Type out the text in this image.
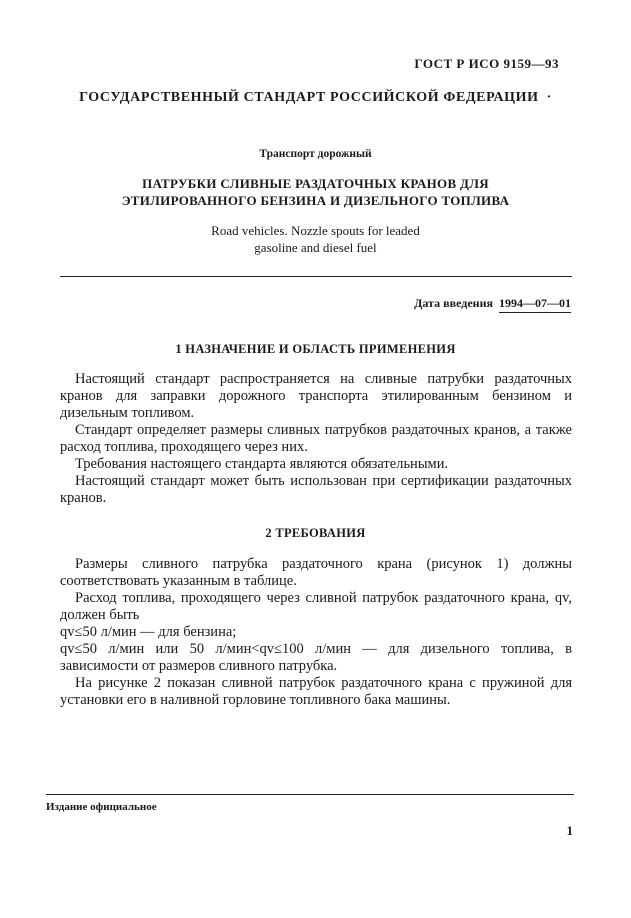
ГОСТ Р ИСО 9159—93
ГОСУДАРСТВЕННЫЙ СТАНДАРТ РОССИЙСКОЙ ФЕДЕРАЦИИ ·
Транспорт дорожный
ПАТРУБКИ СЛИВНЫЕ РАЗДАТОЧНЫХ КРАНОВ ДЛЯ
ЭТИЛИРОВАННОГО БЕНЗИНА И ДИЗЕЛЬНОГО ТОПЛИВА
Road vehicles. Nozzle spouts for leaded
gasoline and diesel fuel
Дата введения 1994—07—01
1 НАЗНАЧЕНИЕ И ОБЛАСТЬ ПРИМЕНЕНИЯ

Настоящий стандарт распространяется на сливные патрубки раздаточных кранов для заправки дорожного транспорта этилированным бензином и дизельным топливом.

Стандарт определяет размеры сливных патрубков раздаточных кранов, а также расход топлива, проходящего через них.

Требования настоящего стандарта являются обязательными.

Настоящий стандарт может быть использован при сертификации раздаточных кранов.

2 ТРЕБОВАНИЯ

Размеры сливного патрубка раздаточного крана (рисунок 1) должны соответствовать указанным в таблице.

Расход топлива, проходящего через сливной патрубок раздаточного крана, qv, должен быть

qv≤50 л/мин — для бензина;

qv≤50 л/мин или 50 л/мин<qv≤100 л/мин — для дизельного топлива, в зависимости от размеров сливного патрубка.

На рисунке 2 показан сливной патрубок раздаточного крана с пружиной для установки его в наливной горловине топливного бака машины.

Издание официальное
1
